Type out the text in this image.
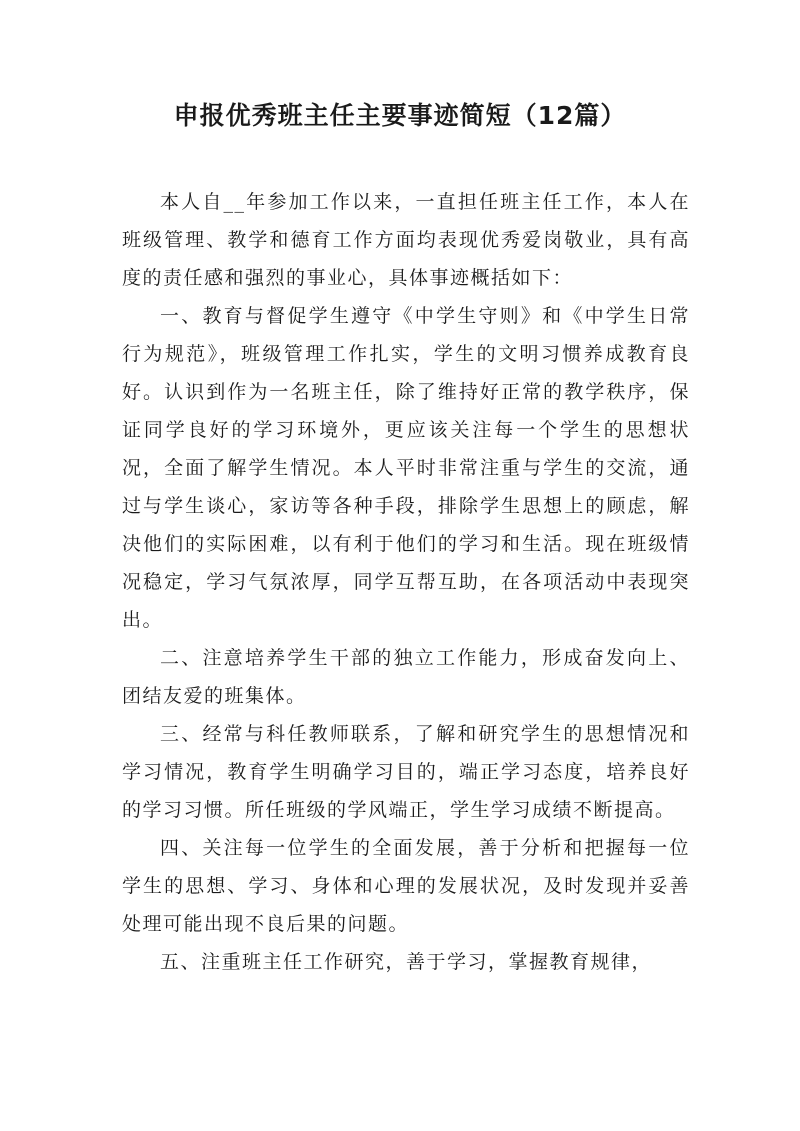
申报优秀班主任主要事迹简短（12篇）

本人自__年参加工作以来，一直担任班主任工作，本人在班级管理、教学和德育工作方面均表现优秀爱岗敬业，具有高度的责任感和强烈的事业心，具体事迹概括如下：

一、教育与督促学生遵守《中学生守则》和《中学生日常行为规范》，班级管理工作扎实，学生的文明习惯养成教育良好。认识到作为一名班主任，除了维持好正常的教学秩序，保证同学良好的学习环境外，更应该关注每一个学生的思想状况，全面了解学生情况。本人平时非常注重与学生的交流，通过与学生谈心，家访等各种手段，排除学生思想上的顾虑，解决他们的实际困难，以有利于他们的学习和生活。现在班级情况稳定，学习气氛浓厚，同学互帮互助，在各项活动中表现突出。

二、注意培养学生干部的独立工作能力，形成奋发向上、团结友爱的班集体。

三、经常与科任教师联系，了解和研究学生的思想情况和学习情况，教育学生明确学习目的，端正学习态度，培养良好的学习习惯。所任班级的学风端正，学生学习成绩不断提高。

四、关注每一位学生的全面发展，善于分析和把握每一位学生的思想、学习、身体和心理的发展状况，及时发现并妥善处理可能出现不良后果的问题。

五、注重班主任工作研究，善于学习，掌握教育规律，
